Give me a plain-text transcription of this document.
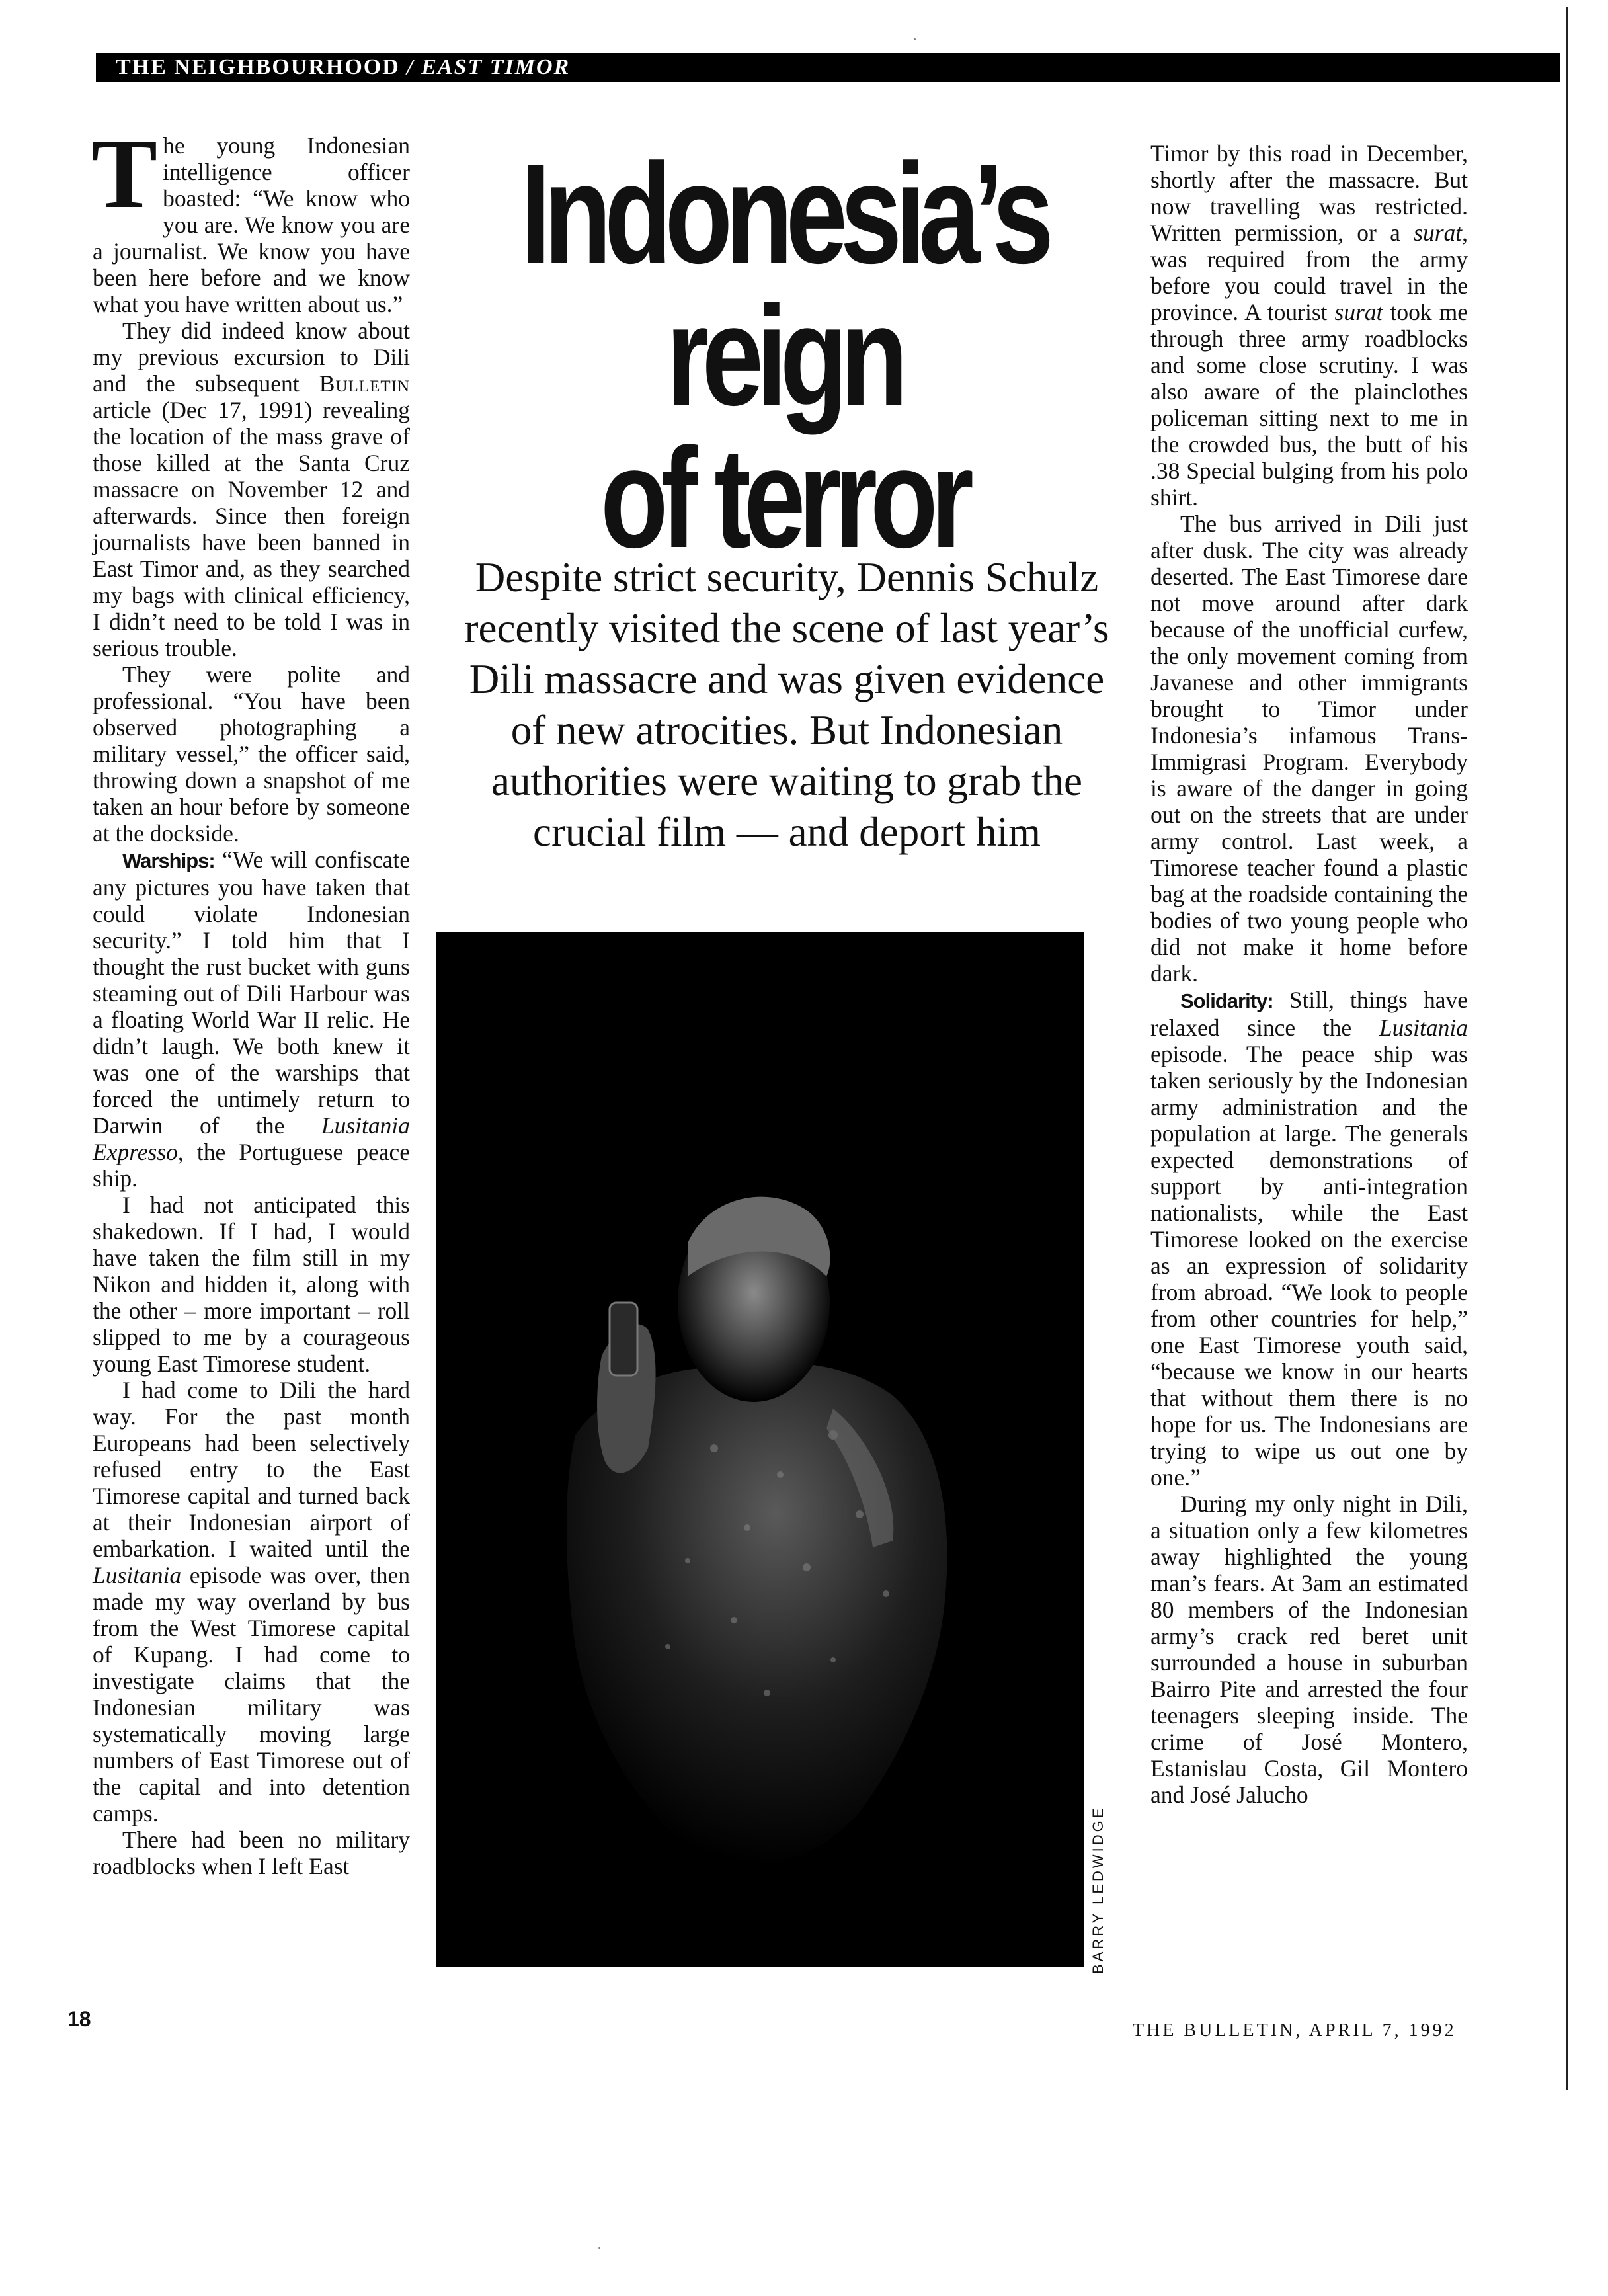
THE NEIGHBOURHOOD / EAST TIMOR

The young Indonesian intelligence officer boasted: “We know who you are. We know you are a journalist. We know you have been here before and we know what you have written about us.”

They did indeed know about my previous excursion to Dili and the subsequent Bulletin article (Dec 17, 1991) revealing the location of the mass grave of those killed at the Santa Cruz massacre on November 12 and afterwards. Since then foreign journalists have been banned in East Timor and, as they searched my bags with clinical efficiency, I didn’t need to be told I was in serious trouble.

They were polite and professional. “You have been observed photographing a military vessel,” the officer said, throwing down a snapshot of me taken an hour before by someone at the dockside.

Warships: “We will confiscate any pictures you have taken that could violate Indonesian security.” I told him that I thought the rust bucket with guns steaming out of Dili Harbour was a floating World War II relic. He didn’t laugh. We both knew it was one of the warships that forced the untimely return to Darwin of the Lusitania Expresso, the Portuguese peace ship.

I had not anticipated this shakedown. If I had, I would have taken the film still in my Nikon and hidden it, along with the other – more important – roll slipped to me by a courageous young East Timorese student.

I had come to Dili the hard way. For the past month Europeans had been selectively refused entry to the East Timorese capital and turned back at their Indonesian airport of embarkation. I waited until the Lusitania episode was over, then made my way overland by bus from the West Timorese capital of Kupang. I had come to investigate claims that the Indonesian military was systematically moving large numbers of East Timorese out of the capital and into detention camps.

There had been no military roadblocks when I left East

Indonesia’s
reign
of terror
Despite strict security, Dennis Schulz recently visited the scene of last year’s Dili massacre and was given evidence of new atrocities. But Indonesian authorities were waiting to grab the crucial film — and deport him
BARRY LEDWIDGE

Timor by this road in December, shortly after the massacre. But now travelling was restricted. Written permission, or a surat, was required from the army before you could travel in the province. A tourist surat took me through three army roadblocks and some close scrutiny. I was also aware of the plainclothes policeman sitting next to me in the crowded bus, the butt of his .38 Special bulging from his polo shirt.

The bus arrived in Dili just after dusk. The city was already deserted. The East Timorese dare not move around after dark because of the unofficial curfew, the only movement coming from Javanese and other immigrants brought to Timor under Indonesia’s infamous Trans-Immigrasi Program. Everybody is aware of the danger in going out on the streets that are under army control. Last week, a Timorese teacher found a plastic bag at the roadside containing the bodies of two young people who did not make it home before dark.

Solidarity: Still, things have relaxed since the Lusitania episode. The peace ship was taken seriously by the Indonesian army administration and the population at large. The generals expected demonstrations of support by anti-integration nationalists, while the East Timorese looked on the exercise as an expression of solidarity from abroad. “We look to people from other countries for help,” one East Timorese youth said, “because we know in our hearts that without them there is no hope for us. The Indonesians are trying to wipe us out one by one.”

During my only night in Dili, a situation only a few kilometres away highlighted the young man’s fears. At 3am an estimated 80 members of the Indonesian army’s crack red beret unit surrounded a house in suburban Bairro Pite and arrested the four teenagers sleeping inside. The crime of José Montero, Estanislau Costa, Gil Montero and José Jalucho

18	THE BULLETIN, APRIL 7, 1992
